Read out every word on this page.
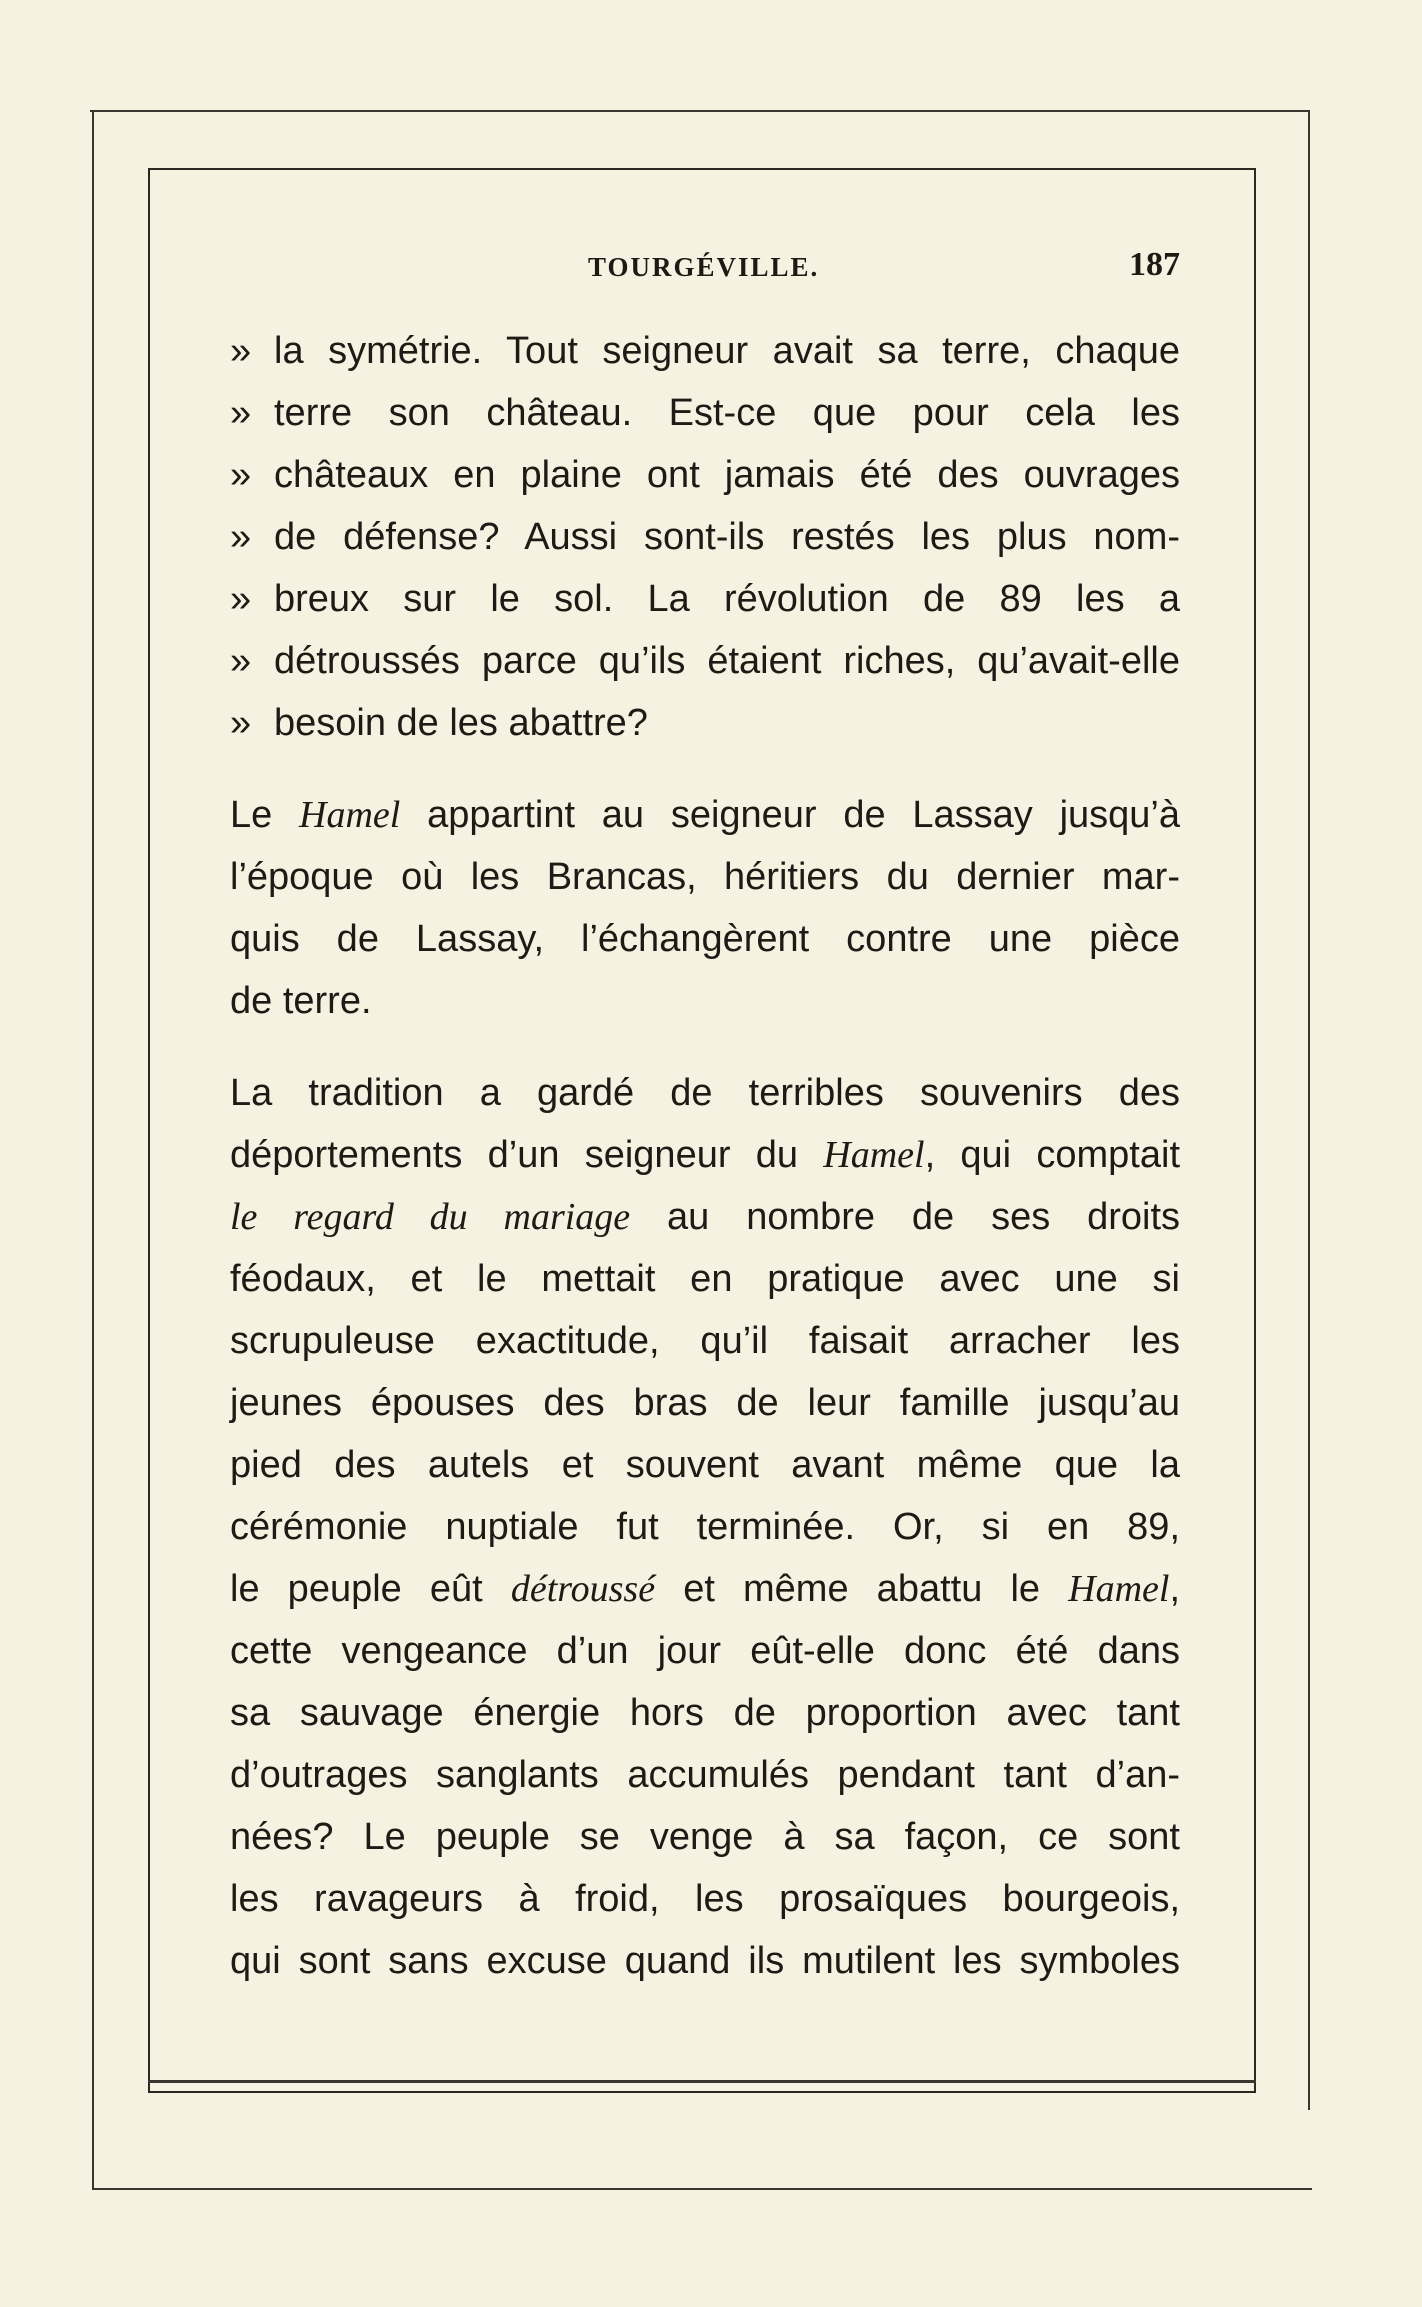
TOURGÉVILLE.	187
» la symétrie. Tout seigneur avait sa terre, chaque
» terre son château. Est-ce que pour cela les
» châteaux en plaine ont jamais été des ouvrages
» de défense? Aussi sont-ils restés les plus nom-
» breux sur le sol. La révolution de 89 les a
» détroussés parce qu’ils étaient riches, qu’avait-elle
» besoin de les abattre?
Le Hamel appartint au seigneur de Lassay jusqu’à
l’époque où les Brancas, héritiers du dernier mar-
quis de Lassay, l’échangèrent contre une pièce
de terre.
La tradition a gardé de terribles souvenirs des
déportements d’un seigneur du Hamel, qui comptait
le regard du mariage au nombre de ses droits
féodaux, et le mettait en pratique avec une si
scrupuleuse exactitude, qu’il faisait arracher les
jeunes épouses des bras de leur famille jusqu’au
pied des autels et souvent avant même que la
cérémonie nuptiale fut terminée. Or, si en 89,
le peuple eût détroussé et même abattu le Hamel,
cette vengeance d’un jour eût-elle donc été dans
sa sauvage énergie hors de proportion avec tant
d’outrages sanglants accumulés pendant tant d’an-
nées? Le peuple se venge à sa façon, ce sont
les ravageurs à froid, les prosaïques bourgeois,
qui sont sans excuse quand ils mutilent les symboles
